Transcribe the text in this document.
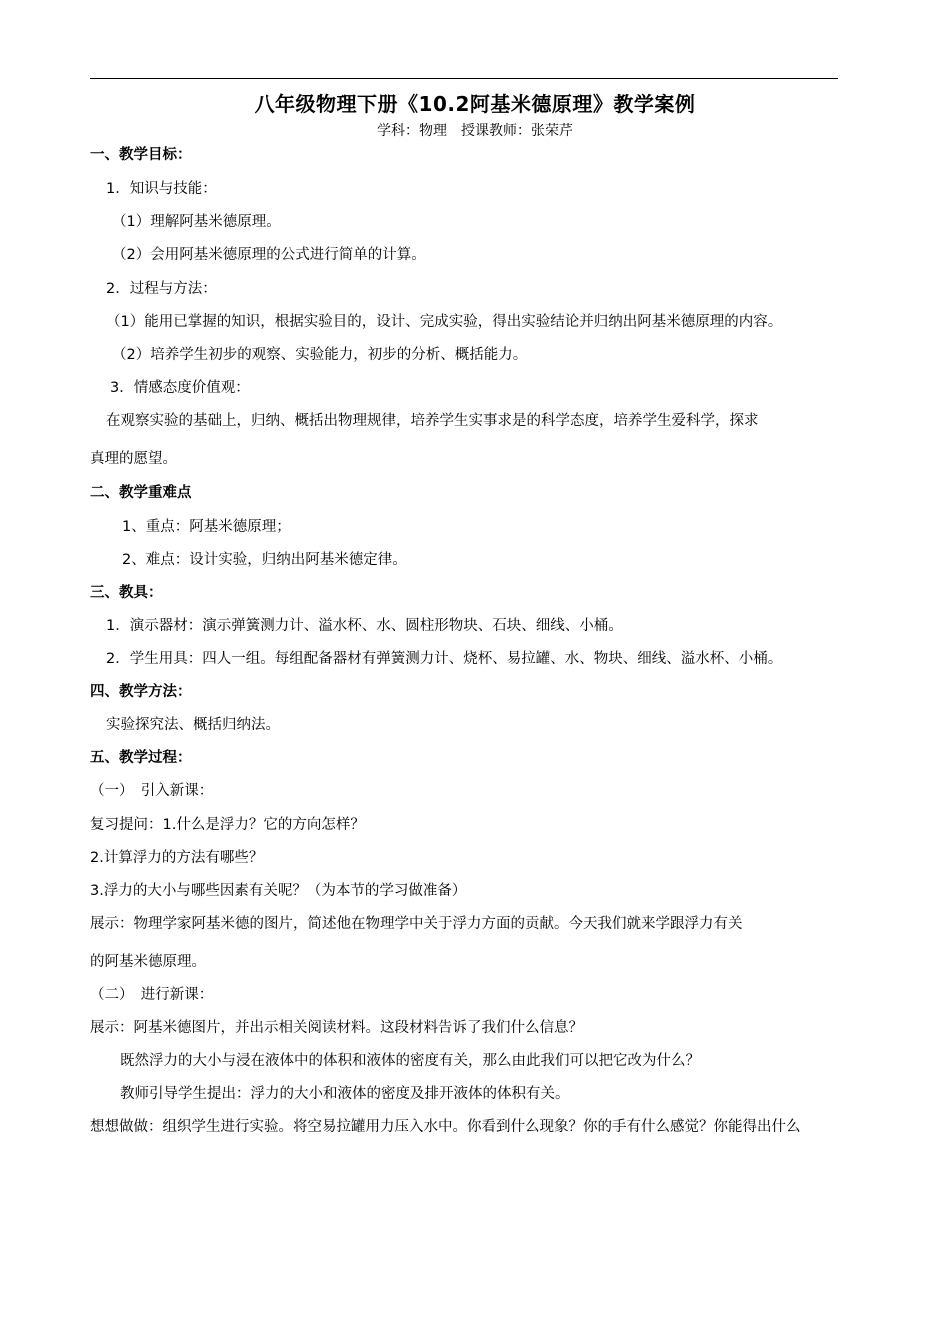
八年级物理下册《10.2阿基米德原理》教学案例
学科：物理　授课教师：张荣芹
一、教学目标：
1．知识与技能：
（1）理解阿基米德原理。
（2）会用阿基米德原理的公式进行简单的计算。
2．过程与方法：
（1）能用已掌握的知识，根据实验目的，设计、完成实验，得出实验结论并归纳出阿基米德原理的内容。
（2）培养学生初步的观察、实验能力，初步的分析、概括能力。
3．情感态度价值观：
在观察实验的基础上，归纳、概括出物理规律，培养学生实事求是的科学态度，培养学生爱科学，探求
真理的愿望。
二、教学重难点
1、重点：阿基米德原理；
2、难点：设计实验，归纳出阿基米德定律。
三、教具：
1．演示器材：演示弹簧测力计、溢水杯、水、圆柱形物块、石块、细线、小桶。
2．学生用具：四人一组。每组配备器材有弹簧测力计、烧杯、易拉罐、水、物块、细线、溢水杯、小桶。
四、教学方法：
实验探究法、概括归纳法。
五、教学过程：
（一）　引入新课：
复习提问：1.什么是浮力？它的方向怎样？
2.计算浮力的方法有哪些？
3.浮力的大小与哪些因素有关呢？（为本节的学习做准备）
展示：物理学家阿基米德的图片，简述他在物理学中关于浮力方面的贡献。今天我们就来学跟浮力有关
的阿基米德原理。
（二）　进行新课：
展示：阿基米德图片，并出示相关阅读材料。这段材料告诉了我们什么信息？
既然浮力的大小与浸在液体中的体积和液体的密度有关，那么由此我们可以把它改为什么？
教师引导学生提出：浮力的大小和液体的密度及排开液体的体积有关。
想想做做：组织学生进行实验。将空易拉罐用力压入水中。你看到什么现象？你的手有什么感觉？你能得出什么
